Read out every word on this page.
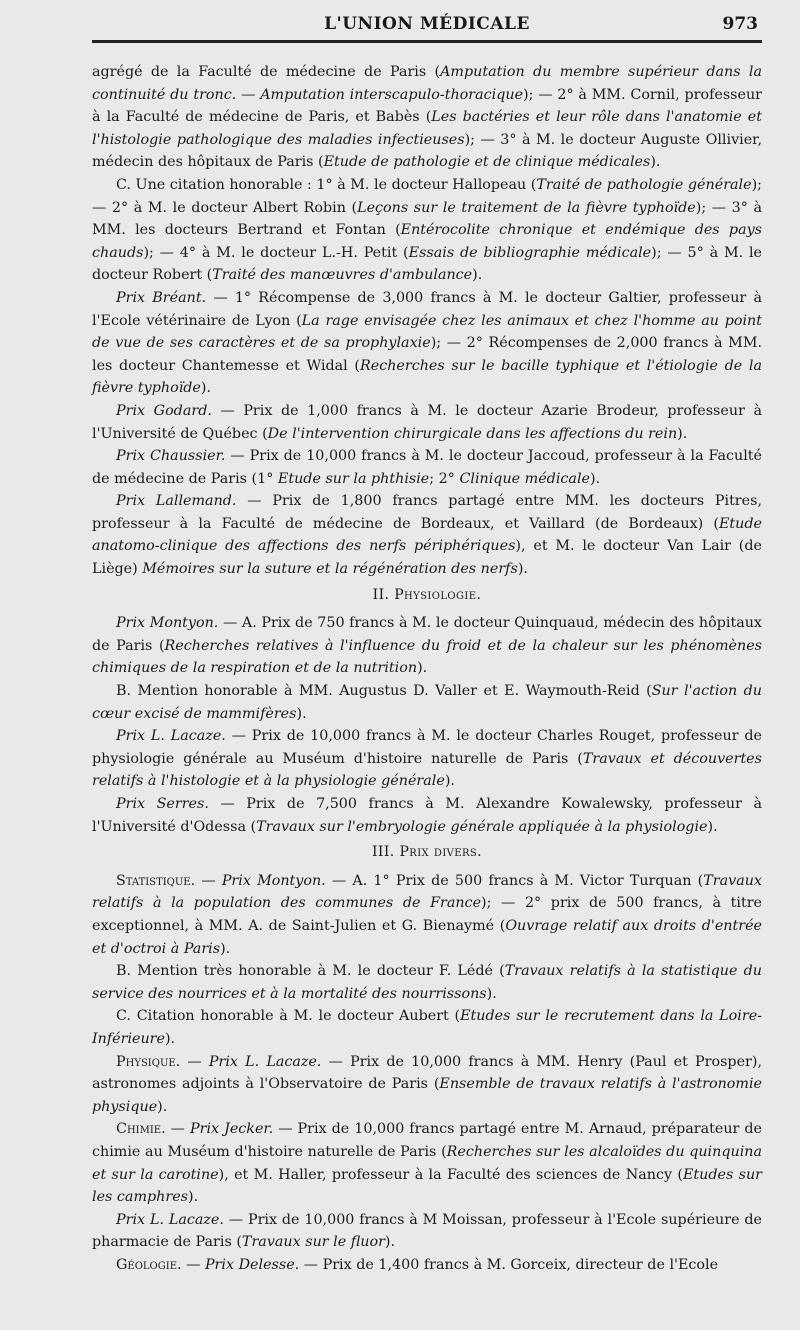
L'UNION MÉDICALE	973

agrégé de la Faculté de médecine de Paris (Amputation du membre supérieur dans la continuité du tronc. — Amputation interscapulo-thoracique); — 2° à MM. Cornil, professeur à la Faculté de médecine de Paris, et Babès (Les bactéries et leur rôle dans l'anatomie et l'histologie pathologique des maladies infectieuses); — 3° à M. le docteur Auguste Ollivier, médecin des hôpitaux de Paris (Etude de pathologie et de clinique médicales).

C. Une citation honorable : 1° à M. le docteur Hallopeau (Traité de pathologie générale); — 2° à M. le docteur Albert Robin (Leçons sur le traitement de la fièvre typhoïde); — 3° à MM. les docteurs Bertrand et Fontan (Entérocolite chronique et endémique des pays chauds); — 4° à M. le docteur L.-H. Petit (Essais de bibliographie médicale); — 5° à M. le docteur Robert (Traité des manœuvres d'ambulance).

Prix Bréant. — 1° Récompense de 3,000 francs à M. le docteur Galtier, professeur à l'Ecole vétérinaire de Lyon (La rage envisagée chez les animaux et chez l'homme au point de vue de ses caractères et de sa prophylaxie); — 2° Récompenses de 2,000 francs à MM. les docteur Chantemesse et Widal (Recherches sur le bacille typhique et l'étiologie de la fièvre typhoïde).

Prix Godard. — Prix de 1,000 francs à M. le docteur Azarie Brodeur, professeur à l'Université de Québec (De l'intervention chirurgicale dans les affections du rein).

Prix Chaussier. — Prix de 10,000 francs à M. le docteur Jaccoud, professeur à la Faculté de médecine de Paris (1° Etude sur la phthisie; 2° Clinique médicale).

Prix Lallemand. — Prix de 1,800 francs partagé entre MM. les docteurs Pitres, professeur à la Faculté de médecine de Bordeaux, et Vaillard (de Bordeaux) (Etude anatomo-clinique des affections des nerfs périphériques), et M. le docteur Van Lair (de Liège) Mémoires sur la suture et la régénération des nerfs).

II. Physiologie.

Prix Montyon. — A. Prix de 750 francs à M. le docteur Quinquaud, médecin des hôpitaux de Paris (Recherches relatives à l'influence du froid et de la chaleur sur les phénomènes chimiques de la respiration et de la nutrition).

B. Mention honorable à MM. Augustus D. Valler et E. Waymouth-Reid (Sur l'action du cœur excisé de mammifères).

Prix L. Lacaze. — Prix de 10,000 francs à M. le docteur Charles Rouget, professeur de physiologie générale au Muséum d'histoire naturelle de Paris (Travaux et découvertes relatifs à l'histologie et à la physiologie générale).

Prix Serres. — Prix de 7,500 francs à M. Alexandre Kowalewsky, professeur à l'Université d'Odessa (Travaux sur l'embryologie générale appliquée à la physiologie).

III. Prix divers.

Statistique. — Prix Montyon. — A. 1° Prix de 500 francs à M. Victor Turquan (Travaux relatifs à la population des communes de France); — 2° prix de 500 francs, à titre exceptionnel, à MM. A. de Saint-Julien et G. Bienaymé (Ouvrage relatif aux droits d'entrée et d'octroi à Paris).

B. Mention très honorable à M. le docteur F. Lédé (Travaux relatifs à la statistique du service des nourrices et à la mortalité des nourrissons).

C. Citation honorable à M. le docteur Aubert (Etudes sur le recrutement dans la Loire-Inférieure).

Physique. — Prix L. Lacaze. — Prix de 10,000 francs à MM. Henry (Paul et Prosper), astronomes adjoints à l'Observatoire de Paris (Ensemble de travaux relatifs à l'astronomie physique).

Chimie. — Prix Jecker. — Prix de 10,000 francs partagé entre M. Arnaud, préparateur de chimie au Muséum d'histoire naturelle de Paris (Recherches sur les alcaloïdes du quinquina et sur la carotine), et M. Haller, professeur à la Faculté des sciences de Nancy (Etudes sur les camphres).

Prix L. Lacaze. — Prix de 10,000 francs à M Moissan, professeur à l'Ecole supérieure de pharmacie de Paris (Travaux sur le fluor).

Géologie. — Prix Delesse. — Prix de 1,400 francs à M. Gorceix, directeur de l'Ecole
